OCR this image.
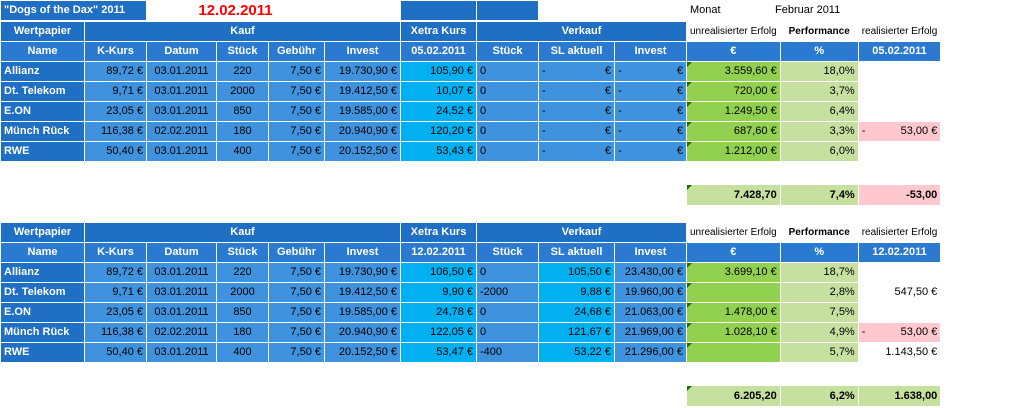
"Dogs of the Dax" 2011	12.02.2011						Monat	Februar 2011	
Wertpapier	Kauf					Xetra Kurs	Verkauf			unrealisierter Erfolg	Performance	realisierter Erfolg
Name	K-Kurs	Datum	Stück	Gebühr	Invest	05.02.2011	Stück	SL aktuell	Invest	€	%	05.02.2011
Allianz	89,72 €	03.01.2011	220	7,50 €	19.730,90 €	105,90 €	0	- €	- €	3.559,60 €	18,0%	
Dt. Telekom	9,71 €	03.01.2011	2000	7,50 €	19.412,50 €	10,07 €	0	- €	- €	720,00 €	3,7%	
E.ON	23,05 €	03.01.2011	850	7,50 €	19.585,00 €	24,52 €	0	- €	- €	1.249,50 €	6,4%	
Münch Rück	116,38 €	02.02.2011	180	7,50 €	20.940,90 €	120,20 €	0	- €	- €	687,60 €	3,3%	- 53,00 €
RWE	50,40 €	03.01.2011	400	7,50 €	20.152,50 €	53,43 €	0	- €	- €	1.212,00 €	6,0%	

										7.428,70	7,4%	-53,00
Wertpapier	Kauf					Xetra Kurs	Verkauf			unrealisierter Erfolg	Performance	realisierter Erfolg
Name	K-Kurs	Datum	Stück	Gebühr	Invest	12.02.2011	Stück	SL aktuell	Invest	€	%	12.02.2011
Allianz	89,72 €	03.01.2011	220	7,50 €	19.730,90 €	106,50 €	0	105,50 €	23.430,00 €	3.699,10 €	18,7%	
Dt. Telekom	9,71 €	03.01.2011	2000	7,50 €	19.412,50 €	9,90 €	-2000	9,88 €	19.960,00 €		2,8%	547,50 €
E.ON	23,05 €	03.01.2011	850	7,50 €	19.585,00 €	24,78 €	0	24,68 €	21.063,00 €	1.478,00 €	7,5%	
Münch Rück	116,38 €	02.02.2011	180	7,50 €	20.940,90 €	122,05 €	0	121,67 €	21.969,00 €	1.028,10 €	4,9%	- 53,00 €
RWE	50,40 €	03.01.2011	400	7,50 €	20.152,50 €	53,47 €	-400	53,22 €	21.296,00 €		5,7%	1.143,50 €

										6.205,20	6,2%	1.638,00
